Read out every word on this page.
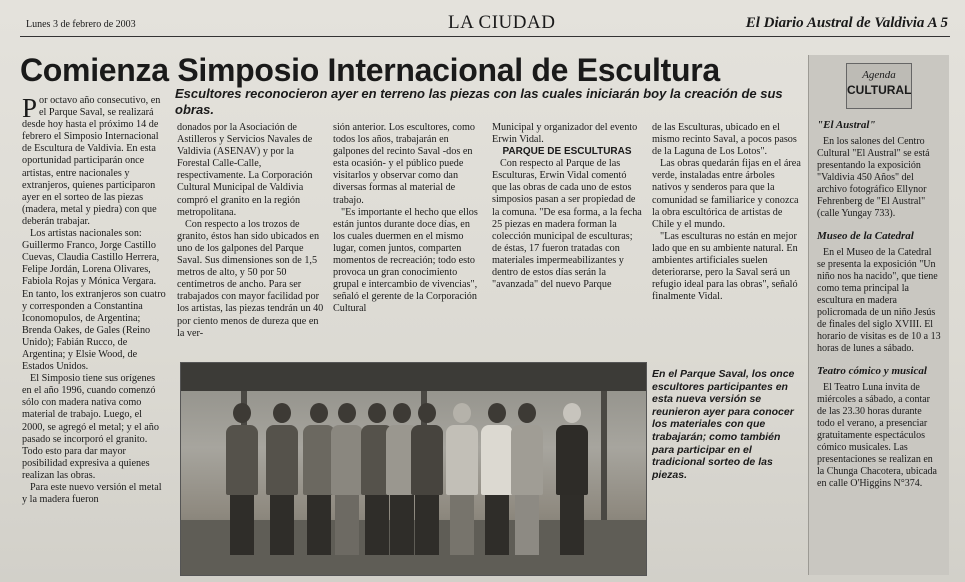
Lunes 3 de febrero de 2003	LA CIUDAD	El Diario Austral de Valdivia A 5
Comienza Simposio Internacional de Escultura
Escultores reconocieron ayer en terreno las piezas con las cuales iniciarán boy la creación de sus obras.

Por octavo año consecutivo, en el Parque Saval, se realizará desde hoy hasta el próximo 14 de febrero el Simposio Internacional de Escultura de Valdivia. En esta oportunidad participarán once artistas, entre nacionales y extranjeros, quienes participaron ayer en el sorteo de las piezas (madera, metal y piedra) con que deberán trabajar.

Los artistas nacionales son: Guillermo Franco, Jorge Castillo Cuevas, Claudia Castillo Herrera, Felipe Jordán, Lorena Olivares, Fabiola Rojas y Mónica Vergara. En tanto, los extranjeros son cuatro y corresponden a Constantina Iconomopulos, de Argentina; Brenda Oakes, de Gales (Reino Unido); Fabián Rucco, de Argentina; y Elsie Wood, de Estados Unidos.

El Simposio tiene sus orígenes en el año 1996, cuando comenzó sólo con madera nativa como material de trabajo. Luego, el 2000, se agregó el metal; y el año pasado se incorporó el granito. Todo esto para dar mayor posibilidad expresiva a quienes realizan las obras.

Para este nuevo versión el metal y la madera fueron

donados por la Asociación de Astilleros y Servicios Navales de Valdivia (ASENAV) y por la Forestal Calle-Calle, respectivamente. La Corporación Cultural Municipal de Valdivia compró el granito en la región metropolitana.

Con respecto a los trozos de granito, éstos han sido ubicados en uno de los galpones del Parque Saval. Sus dimensiones son de 1,5 metros de alto, y 50 por 50 centímetros de ancho. Para ser trabajados con mayor facilidad por los artistas, las piezas tendrán un 40 por ciento menos de dureza que en la ver-

sión anterior. Los escultores, como todos los años, trabajarán en galpones del recinto Saval -dos en esta ocasión- y el público puede visitarlos y observar como dan diversas formas al material de trabajo.

"Es importante el hecho que ellos están juntos durante doce días, en los cuales duermen en el mismo lugar, comen juntos, comparten momentos de recreación; todo esto provoca un gran conocimiento grupal e intercambio de vivencias", señaló el gerente de la Corporación Cultural

Municipal y organizador del evento Erwin Vidal.

PARQUE DE ESCULTURAS

Con respecto al Parque de las Esculturas, Erwin Vidal comentó que las obras de cada uno de estos simposios pasan a ser propiedad de la comuna. "De esa forma, a la fecha 25 piezas en madera forman la colección municipal de esculturas; de éstas, 17 fueron tratadas con materiales impermeabilizantes y dentro de estos días serán la "avanzada" del nuevo Parque

de las Esculturas, ubicado en el mismo recinto Saval, a pocos pasos de la Laguna de Los Lotos".

Las obras quedarán fijas en el área verde, instaladas entre árboles nativos y senderos para que la comunidad se familiarice y conozca la obra escultórica de artistas de Chile y el mundo.

"Las esculturas no están en mejor lado que en su ambiente natural. En ambientes artificiales suelen deteriorarse, pero la Saval será un refugio ideal para las obras", señaló finalmente Vidal.

En el Parque Saval, los once escultores participantes en esta nueva versión se reunieron ayer para conocer los materiales con que trabajarán; como también para participar en el tradicional sorteo de las piezas.
Agenda
CULTURAL
"El Austral"

En los salones del Centro Cultural "El Austral" se está presentando la exposición "Valdivia 450 Años" del archivo fotográfico Ellynor Fehrenberg de "El Austral" (calle Yungay 733).

Museo de la Catedral

En el Museo de la Catedral se presenta la exposición "Un niño nos ha nacido", que tiene como tema principal la escultura en madera policromada de un niño Jesús de finales del siglo XVIII. El horario de visitas es de 10 a 13 horas de lunes a sábado.

Teatro cómico y musical

El Teatro Luna invita de miércoles a sábado, a contar de las 23.30 horas durante todo el verano, a presenciar gratuitamente espectáculos cómico musicales. Las presentaciones se realizan en la Chunga Chacotera, ubicada en calle O'Higgins N°374.
